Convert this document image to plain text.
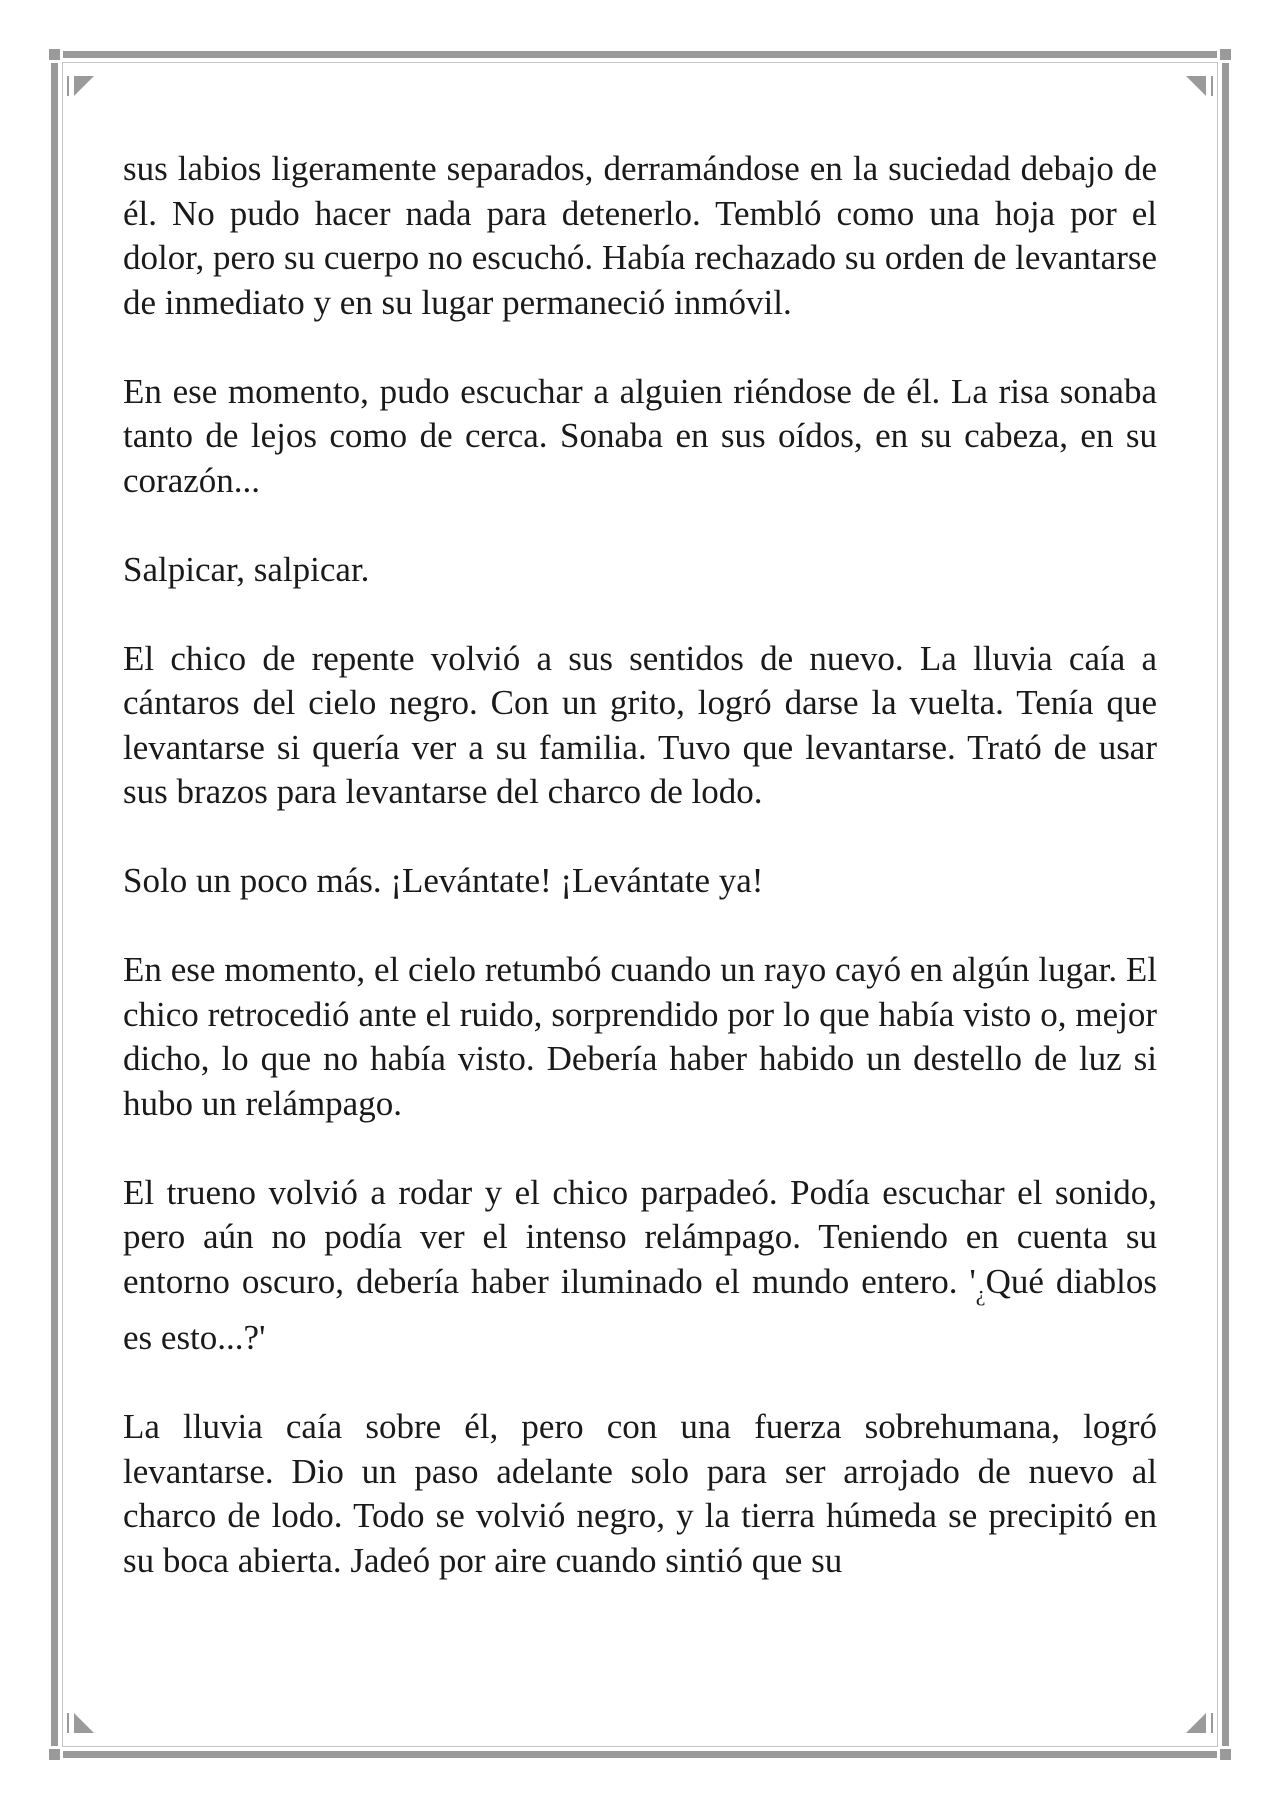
sus labios ligeramente separados, derramándose en la suciedad debajo de él. No pudo hacer nada para detenerlo. Tembló como una hoja por el dolor, pero su cuerpo no escuchó. Había rechazado su orden de levantarse de inmediato y en su lugar permaneció inmóvil.

En ese momento, pudo escuchar a alguien riéndose de él. La risa sonaba tanto de lejos como de cerca. Sonaba en sus oídos, en su cabeza, en su corazón...

Salpicar, salpicar.

El chico de repente volvió a sus sentidos de nuevo. La lluvia caía a cántaros del cielo negro. Con un grito, logró darse la vuelta. Tenía que levantarse si quería ver a su familia. Tuvo que levantarse. Trató de usar sus brazos para levantarse del charco de lodo.

Solo un poco más. ¡Levántate! ¡Levántate ya!

En ese momento, el cielo retumbó cuando un rayo cayó en algún lugar. El chico retrocedió ante el ruido, sorprendido por lo que había visto o, mejor dicho, lo que no había visto. Debería haber habido un destello de luz si hubo un relámpago.

El trueno volvió a rodar y el chico parpadeó. Podía escuchar el sonido, pero aún no podía ver el intenso relámpago. Teniendo en cuenta su entorno oscuro, debería haber iluminado el mundo entero. '$_¿Qué$ diablos es esto...?'

La lluvia caía sobre él, pero con una fuerza sobrehumana, logró levantarse. Dio un paso adelante solo para ser arrojado de nuevo al charco de lodo. Todo se volvió negro, y la tierra húmeda se precipitó en su boca abierta. Jadeó por aire cuando sintió que su
